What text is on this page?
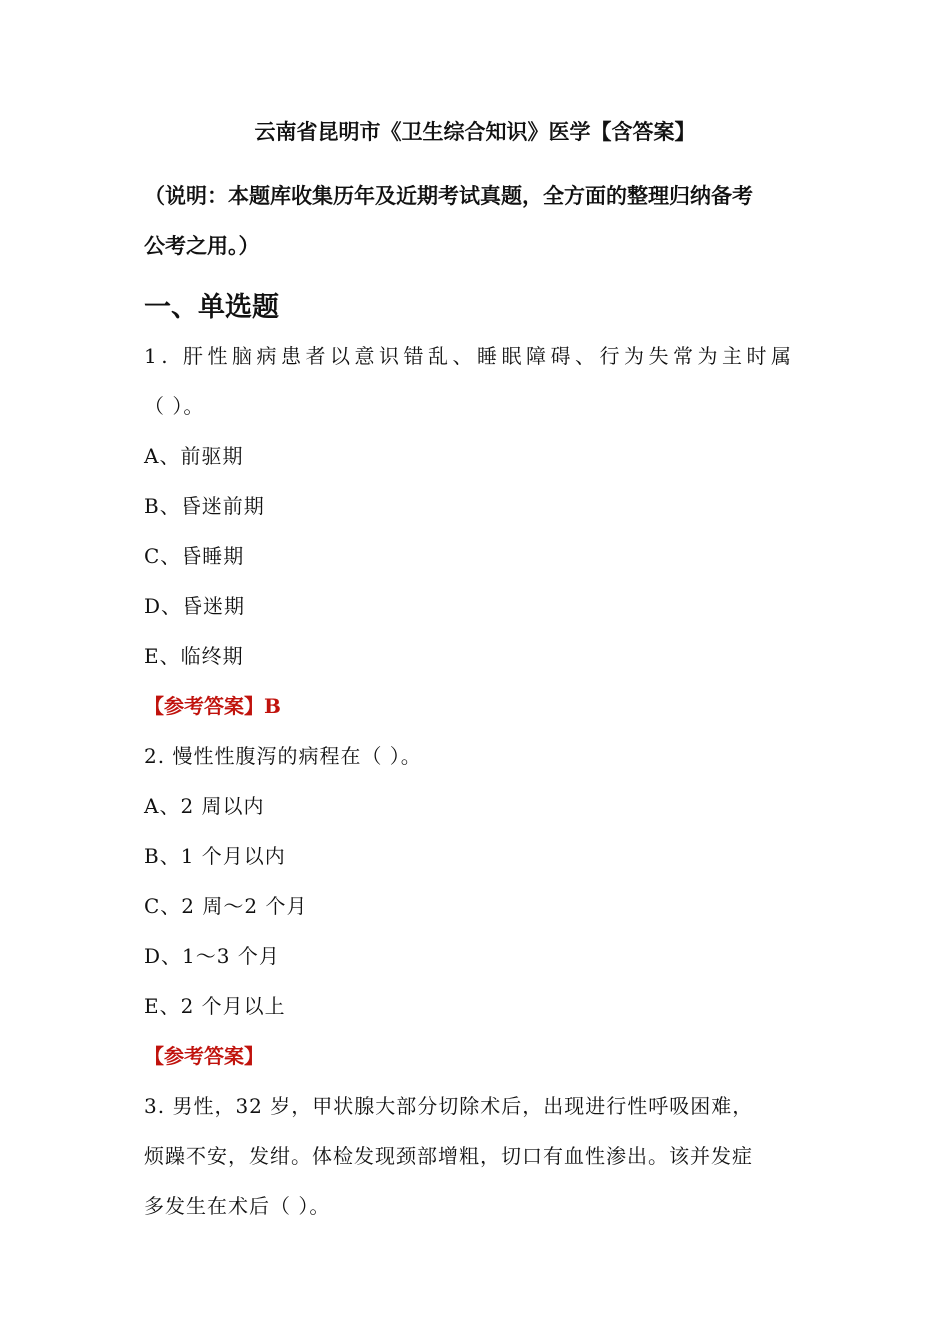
云南省昆明市《卫生综合知识》医学【含答案】
（说明：本题库收集历年及近期考试真题，全方面的整理归纳备考
公考之用。）
一、单选题
1. 肝性脑病患者以意识错乱、睡眠障碍、行为失常为主时属
（ ）。
A、前驱期
B、昏迷前期
C、昏睡期
D、昏迷期
E、临终期
【参考答案】B
2. 慢性性腹泻的病程在（ ）。
A、2 周以内
B、1 个月以内
C、2 周～2 个月
D、1～3 个月
E、2 个月以上
【参考答案】
3. 男性，32 岁，甲状腺大部分切除术后，出现进行性呼吸困难，
烦躁不安，发绀。体检发现颈部增粗，切口有血性渗出。该并发症
多发生在术后（ ）。
